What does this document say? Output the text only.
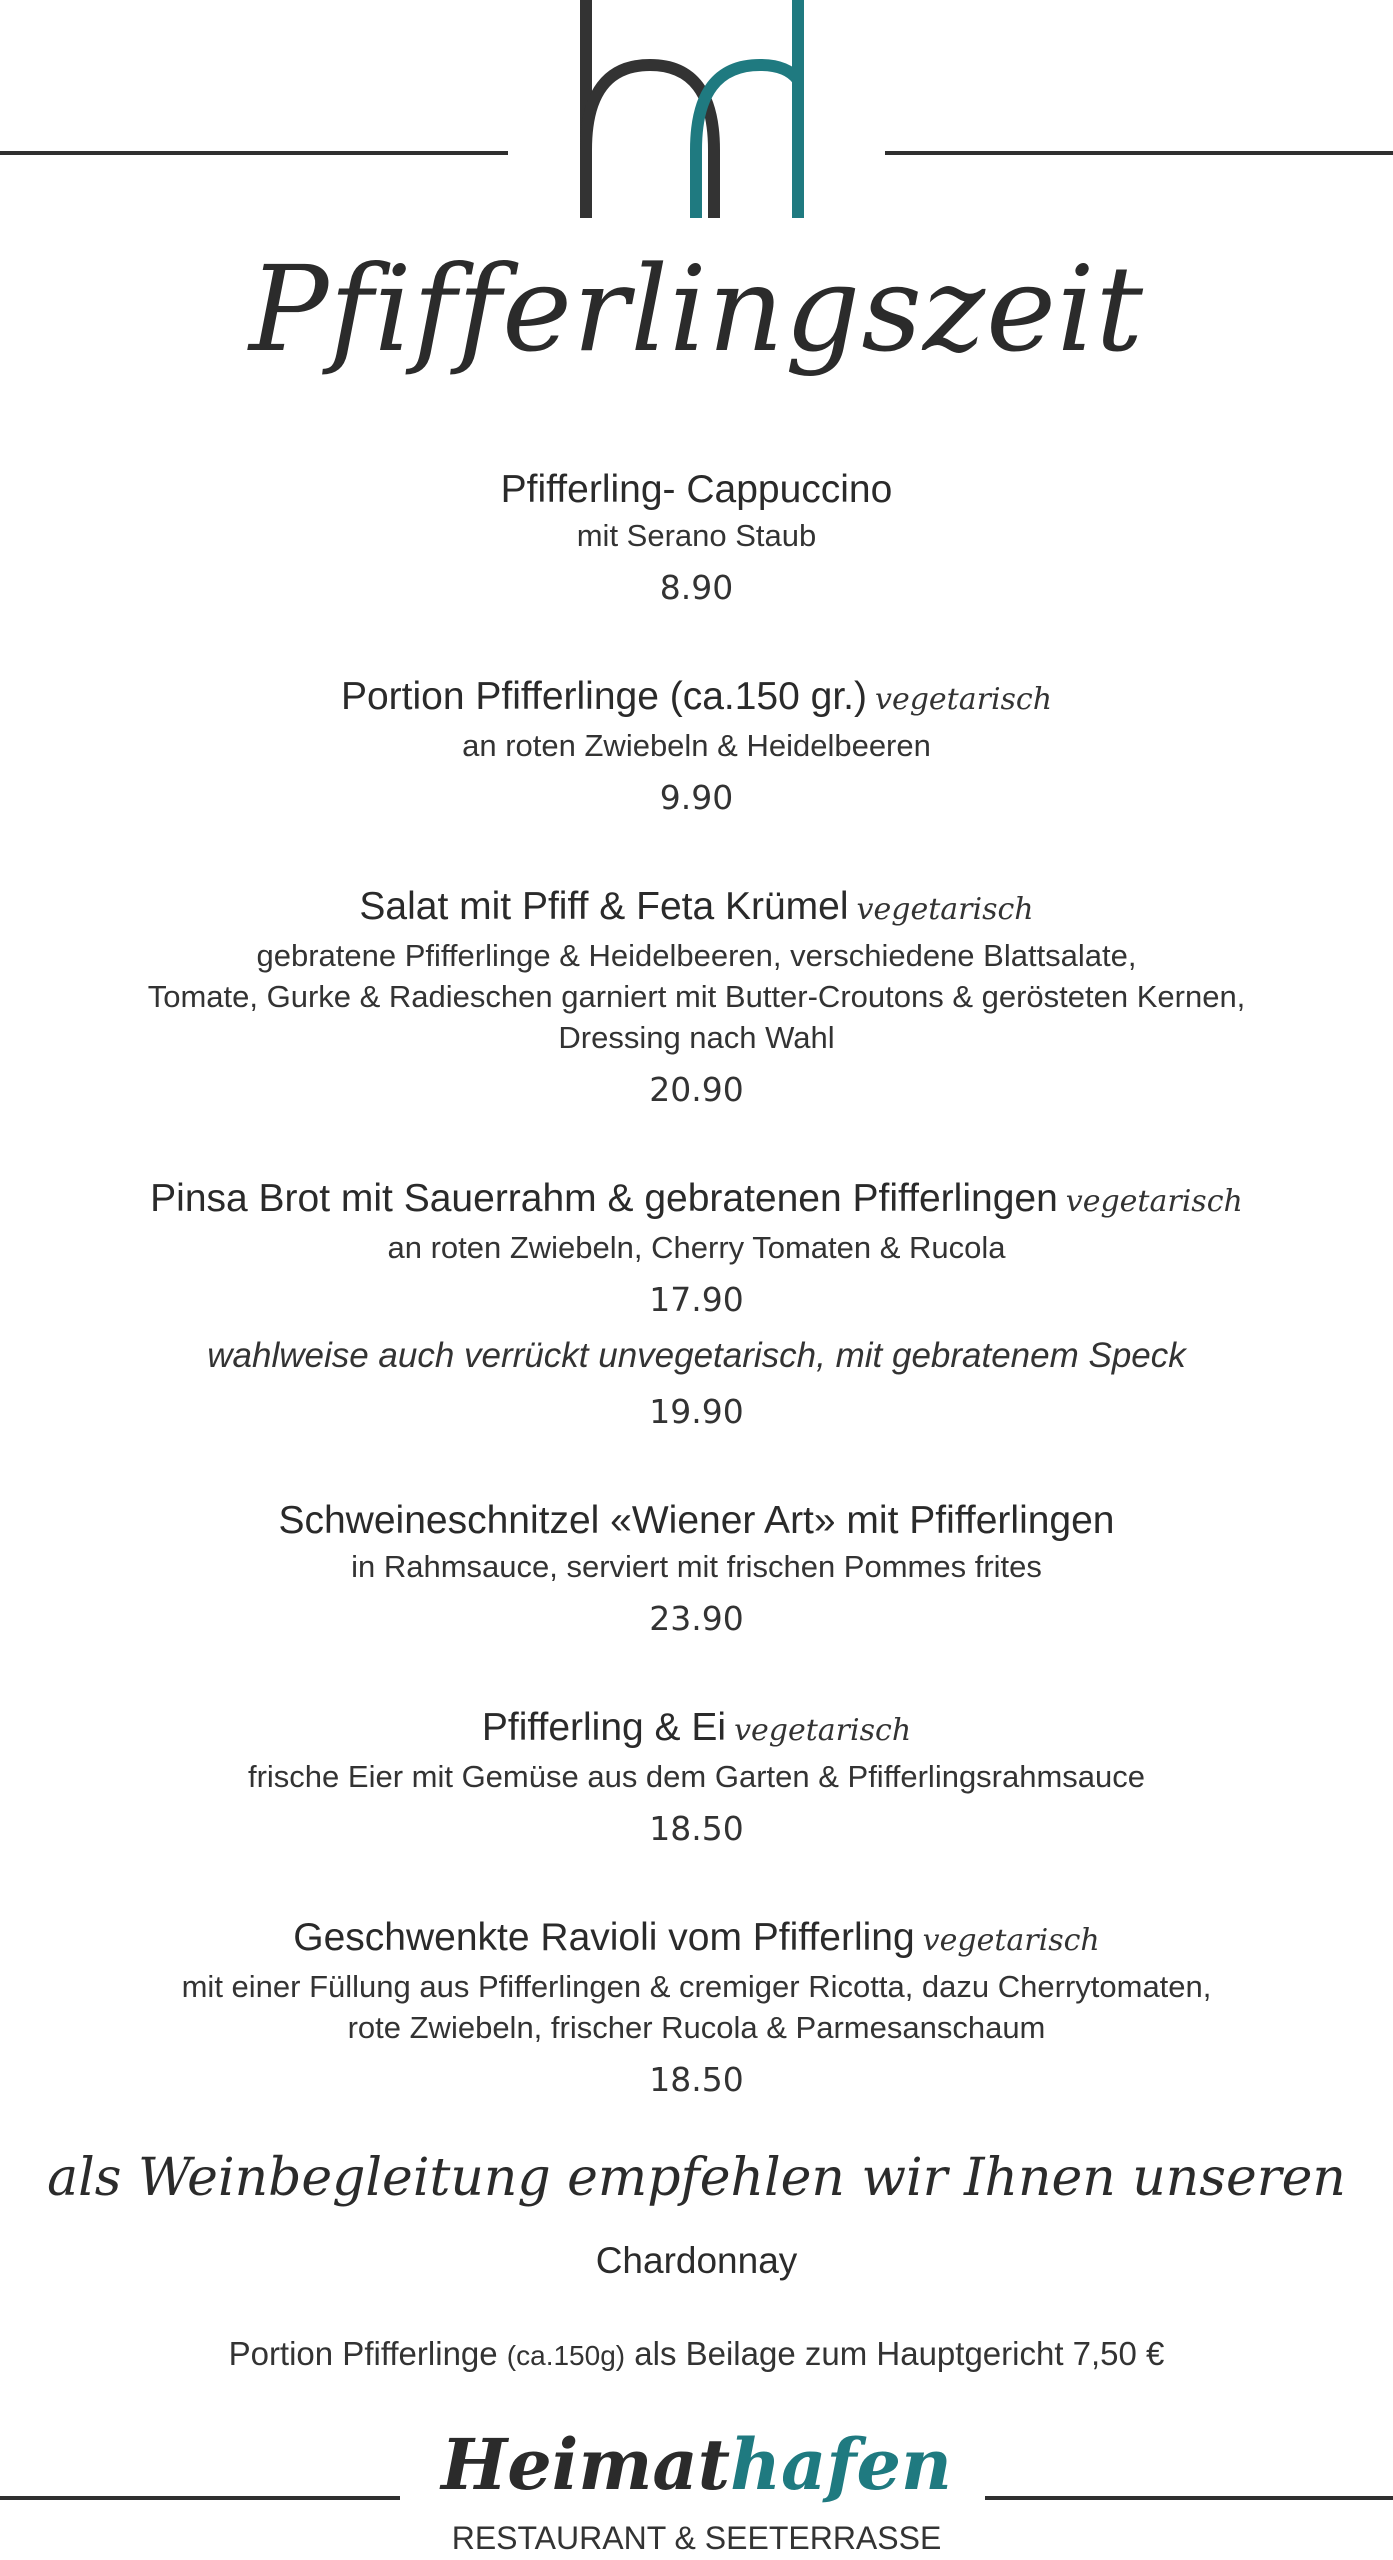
Pfifferlingszeit
Pfifferling- Cappuccino
mit Serano Staub
8.90
Portion Pfifferlinge (ca.150 gr.) vegetarisch
an roten Zwiebeln & Heidelbeeren
9.90
Salat mit Pfiff & Feta Krümel vegetarisch
gebratene Pfifferlinge & Heidelbeeren, verschiedene Blattsalate,
Tomate, Gurke & Radieschen garniert mit Butter-Croutons & gerösteten Kernen,
Dressing nach Wahl
20.90
Pinsa Brot mit Sauerrahm & gebratenen Pfifferlingen vegetarisch
an roten Zwiebeln, Cherry Tomaten & Rucola
17.90
wahlweise auch verrückt unvegetarisch, mit gebratenem Speck
19.90
Schweineschnitzel «Wiener Art» mit Pfifferlingen
in Rahmsauce, serviert mit frischen Pommes frites
23.90
Pfifferling & Ei vegetarisch
frische Eier mit Gemüse aus dem Garten & Pfifferlingsrahmsauce
18.50
Geschwenkte Ravioli vom Pfifferling vegetarisch
mit einer Füllung aus Pfifferlingen & cremiger Ricotta, dazu Cherrytomaten,
rote Zwiebeln, frischer Rucola & Parmesanschaum
18.50
als Weinbegleitung empfehlen wir Ihnen unseren
Chardonnay
Portion Pfifferlinge (ca.150g) als Beilage zum Hauptgericht 7,50 €
Heimathafen
RESTAURANT & SEETERRASSE
